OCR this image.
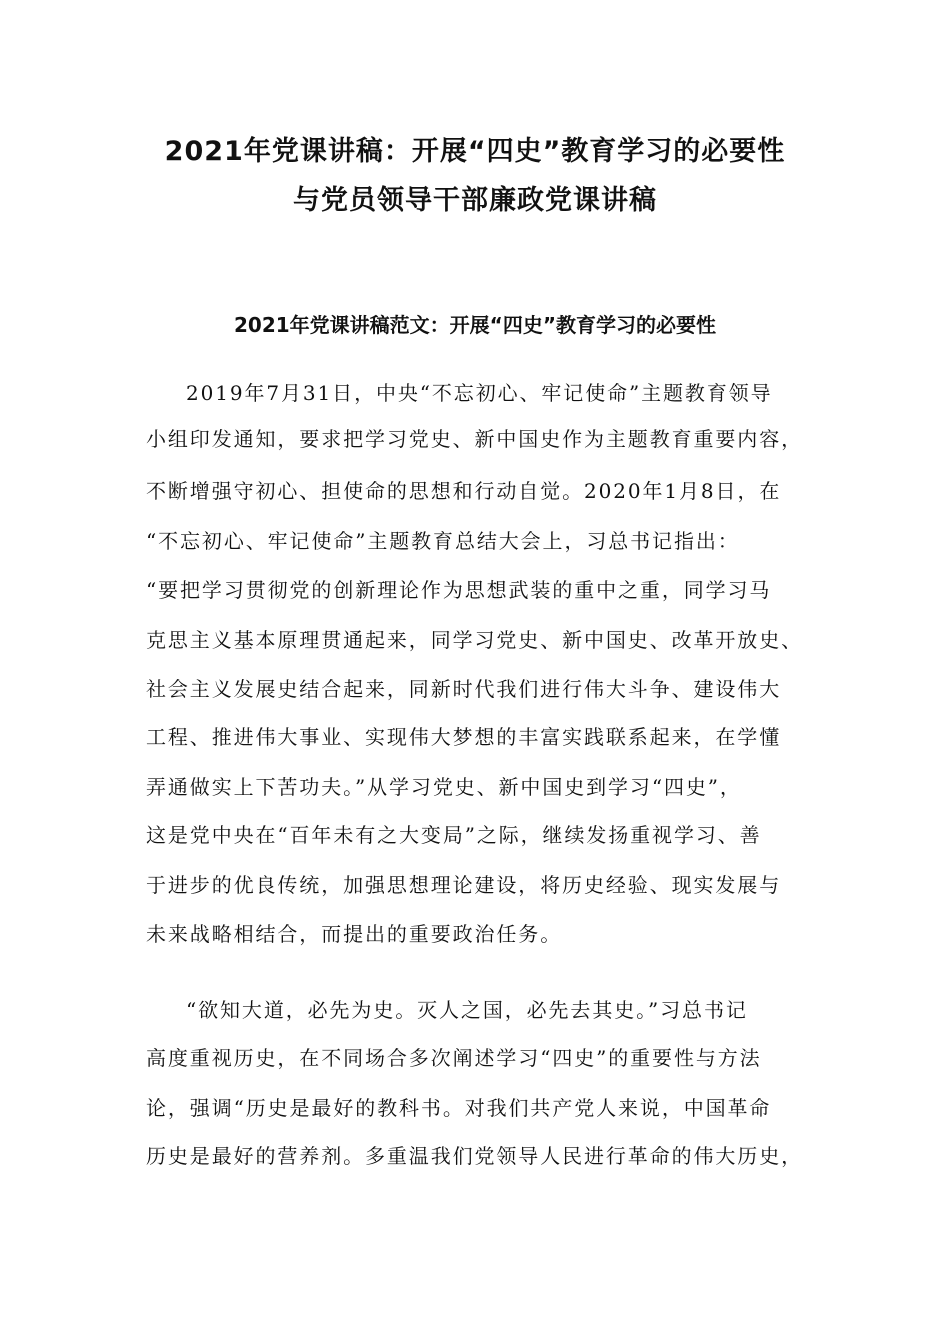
2021年党课讲稿：开展“四史”教育学习的必要性
与党员领导干部廉政党课讲稿
2021年党课讲稿范文：开展“四史”教育学习的必要性
2019年7月31日，中央“不忘初心、牢记使命”主题教育领导
小组印发通知，要求把学习党史、新中国史作为主题教育重要内容，
不断增强守初心、担使命的思想和行动自觉。2020年1月8日，在
“不忘初心、牢记使命”主题教育总结大会上，习总书记指出：
“要把学习贯彻党的创新理论作为思想武装的重中之重，同学习马
克思主义基本原理贯通起来，同学习党史、新中国史、改革开放史、
社会主义发展史结合起来，同新时代我们进行伟大斗争、建设伟大
工程、推进伟大事业、实现伟大梦想的丰富实践联系起来，在学懂
弄通做实上下苦功夫。”从学习党史、新中国史到学习“四史”，
这是党中央在“百年未有之大变局”之际，继续发扬重视学习、善
于进步的优良传统，加强思想理论建设，将历史经验、现实发展与
未来战略相结合，而提出的重要政治任务。
“欲知大道，必先为史。灭人之国，必先去其史。”习总书记
高度重视历史，在不同场合多次阐述学习“四史”的重要性与方法
论，强调“历史是最好的教科书。对我们共产党人来说，中国革命
历史是最好的营养剂。多重温我们党领导人民进行革命的伟大历史，
